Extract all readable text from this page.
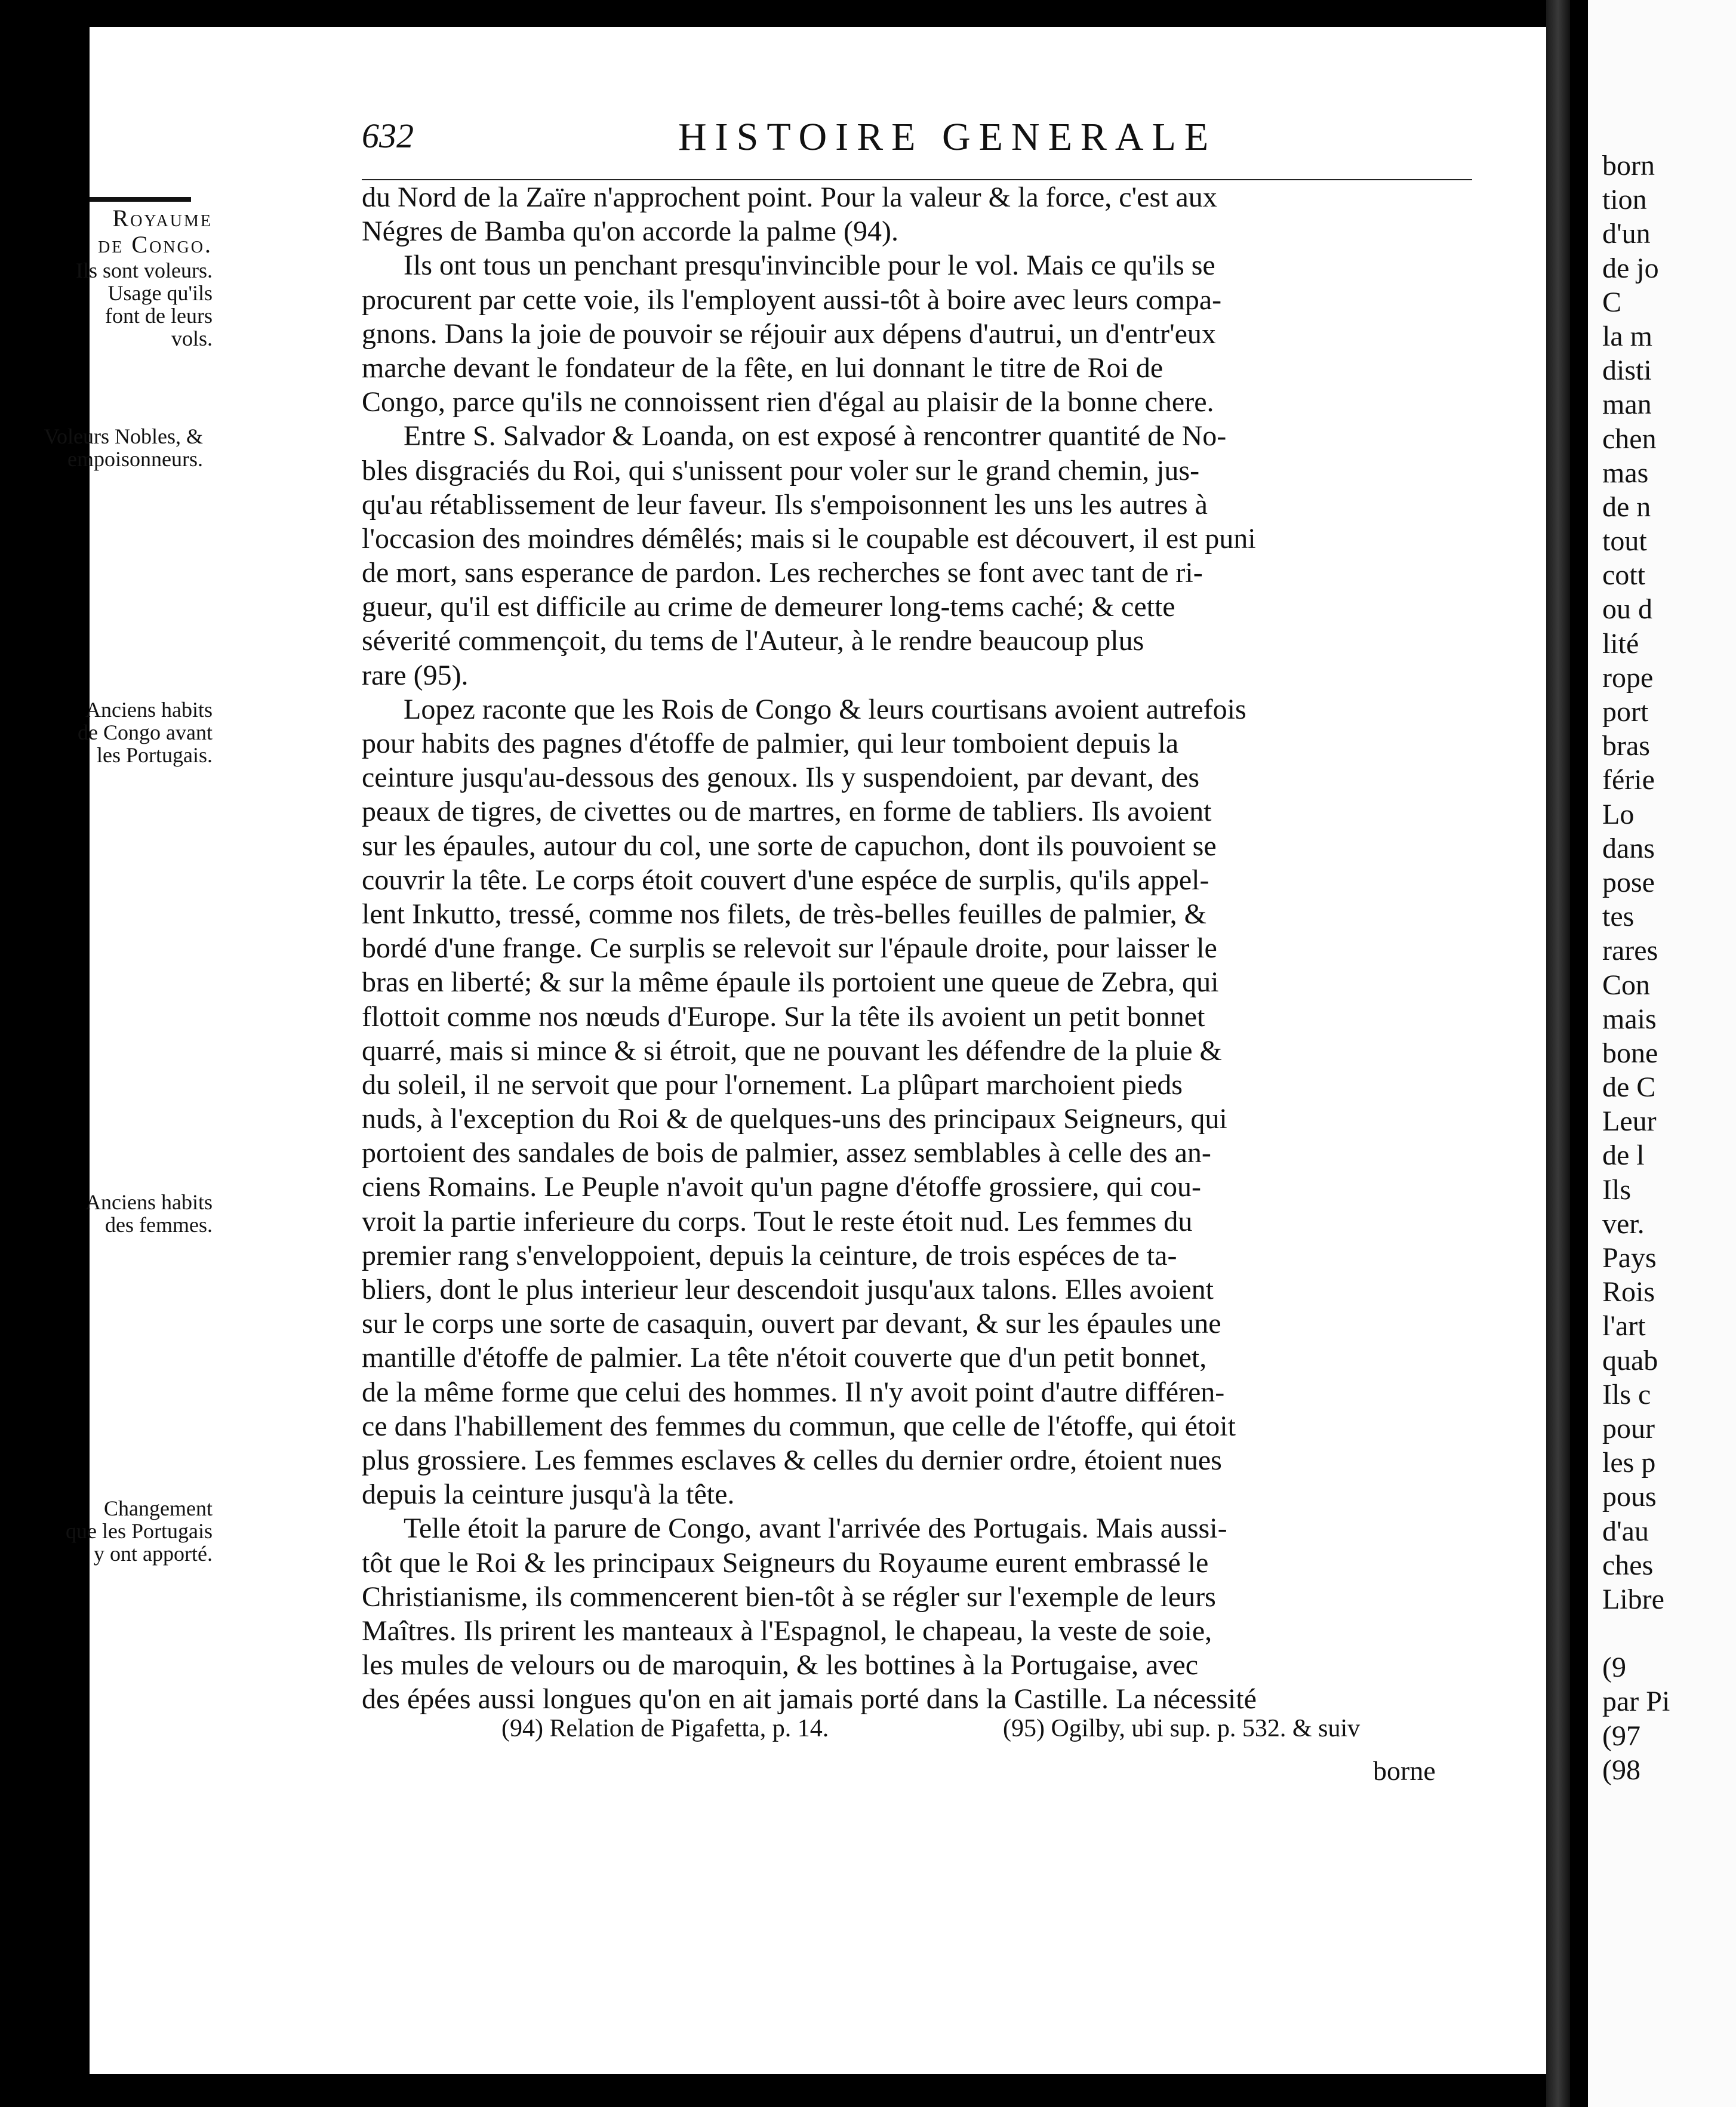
632	HISTOIRE GENERALE
Royaume
de Congo.
Ils sont voleurs.
Usage qu'ils
font de leurs
vols.
Voleurs Nobles, & empoisonneurs.
Anciens habits
de Congo avant
les Portugais.
Anciens habits
des femmes.
Changement
que les Portugais
y ont apporté.
du Nord de la Zaïre n'approchent point. Pour la valeur & la force, c'est aux
Négres de Bamba qu'on accorde la palme (94).
Ils ont tous un penchant presqu'invincible pour le vol. Mais ce qu'ils se
procurent par cette voie, ils l'employent aussi-tôt à boire avec leurs compa-
gnons. Dans la joie de pouvoir se réjouir aux dépens d'autrui, un d'entr'eux
marche devant le fondateur de la fête, en lui donnant le titre de Roi de
Congo, parce qu'ils ne connoissent rien d'égal au plaisir de la bonne chere.
Entre S. Salvador & Loanda, on est exposé à rencontrer quantité de No-
bles disgraciés du Roi, qui s'unissent pour voler sur le grand chemin, jus-
qu'au rétablissement de leur faveur. Ils s'empoisonnent les uns les autres à
l'occasion des moindres démêlés; mais si le coupable est découvert, il est puni
de mort, sans esperance de pardon. Les recherches se font avec tant de ri-
gueur, qu'il est difficile au crime de demeurer long-tems caché; & cette
séverité commençoit, du tems de l'Auteur, à le rendre beaucoup plus
rare (95).
Lopez raconte que les Rois de Congo & leurs courtisans avoient autrefois
pour habits des pagnes d'étoffe de palmier, qui leur tomboient depuis la
ceinture jusqu'au-dessous des genoux. Ils y suspendoient, par devant, des
peaux de tigres, de civettes ou de martres, en forme de tabliers. Ils avoient
sur les épaules, autour du col, une sorte de capuchon, dont ils pouvoient se
couvrir la tête. Le corps étoit couvert d'une espéce de surplis, qu'ils appel-
lent Inkutto, tressé, comme nos filets, de très-belles feuilles de palmier, &
bordé d'une frange. Ce surplis se relevoit sur l'épaule droite, pour laisser le
bras en liberté; & sur la même épaule ils portoient une queue de Zebra, qui
flottoit comme nos nœuds d'Europe. Sur la tête ils avoient un petit bonnet
quarré, mais si mince & si étroit, que ne pouvant les défendre de la pluie &
du soleil, il ne servoit que pour l'ornement. La plûpart marchoient pieds
nuds, à l'exception du Roi & de quelques-uns des principaux Seigneurs, qui
portoient des sandales de bois de palmier, assez semblables à celle des an-
ciens Romains. Le Peuple n'avoit qu'un pagne d'étoffe grossiere, qui cou-
vroit la partie inferieure du corps. Tout le reste étoit nud. Les femmes du
premier rang s'enveloppoient, depuis la ceinture, de trois espéces de ta-
bliers, dont le plus interieur leur descendoit jusqu'aux talons. Elles avoient
sur le corps une sorte de casaquin, ouvert par devant, & sur les épaules une
mantille d'étoffe de palmier. La tête n'étoit couverte que d'un petit bonnet,
de la même forme que celui des hommes. Il n'y avoit point d'autre différen-
ce dans l'habillement des femmes du commun, que celle de l'étoffe, qui étoit
plus grossiere. Les femmes esclaves & celles du dernier ordre, étoient nues
depuis la ceinture jusqu'à la tête.
Telle étoit la parure de Congo, avant l'arrivée des Portugais. Mais aussi-
tôt que le Roi & les principaux Seigneurs du Royaume eurent embrassé le
Christianisme, ils commencerent bien-tôt à se régler sur l'exemple de leurs
Maîtres. Ils prirent les manteaux à l'Espagnol, le chapeau, la veste de soie,
les mules de velours ou de maroquin, & les bottines à la Portugaise, avec
des épées aussi longues qu'on en ait jamais porté dans la Castille. La nécessité
(94) Relation de Pigafetta, p. 14.	(95) Ogilby, ubi sup. p. 532. & suiv
borne
born
tion
d'un
de jo
C
la m
disti
man
chen
mas
de n
tout
cott
ou d
lité
rope
port
bras
férie
Lo
dans
pose
tes
rares
Con
mais
bone
de C
Leur
de l
Ils
ver.
Pays
Rois
l'art
quab
Ils c
pour
les p
pous
d'au
ches
Libre
(9
par Pi
(97
(98
